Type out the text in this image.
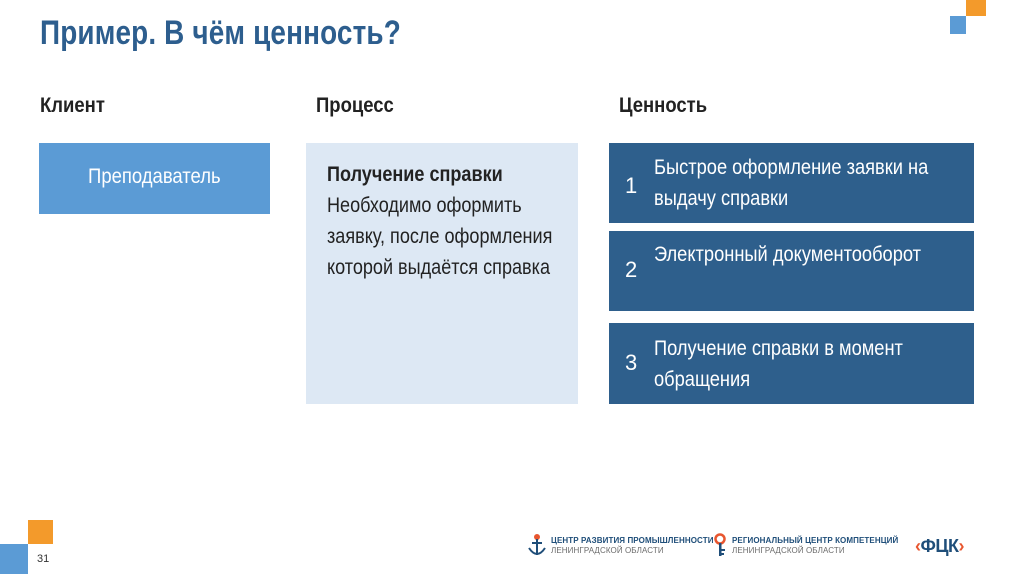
Пример. В чём ценность?
Клиент	Процесс	Ценность
Преподаватель	Получение справки
Необходимо оформить заявку, после оформления которой выдаётся справка
1
Быстрое оформление заявки на выдачу справки
2
Электронный документооборот
3
Получение справки в момент обращения
31
ЦЕНТР РАЗВИТИЯ ПРОМЫШЛЕННОСТИ
ЛЕНИНГРАДСКОЙ ОБЛАСТИ
РЕГИОНАЛЬНЫЙ ЦЕНТР КОМПЕТЕНЦИЙ
ЛЕНИНГРАДСКОЙ ОБЛАСТИ	‹ФЦК›
